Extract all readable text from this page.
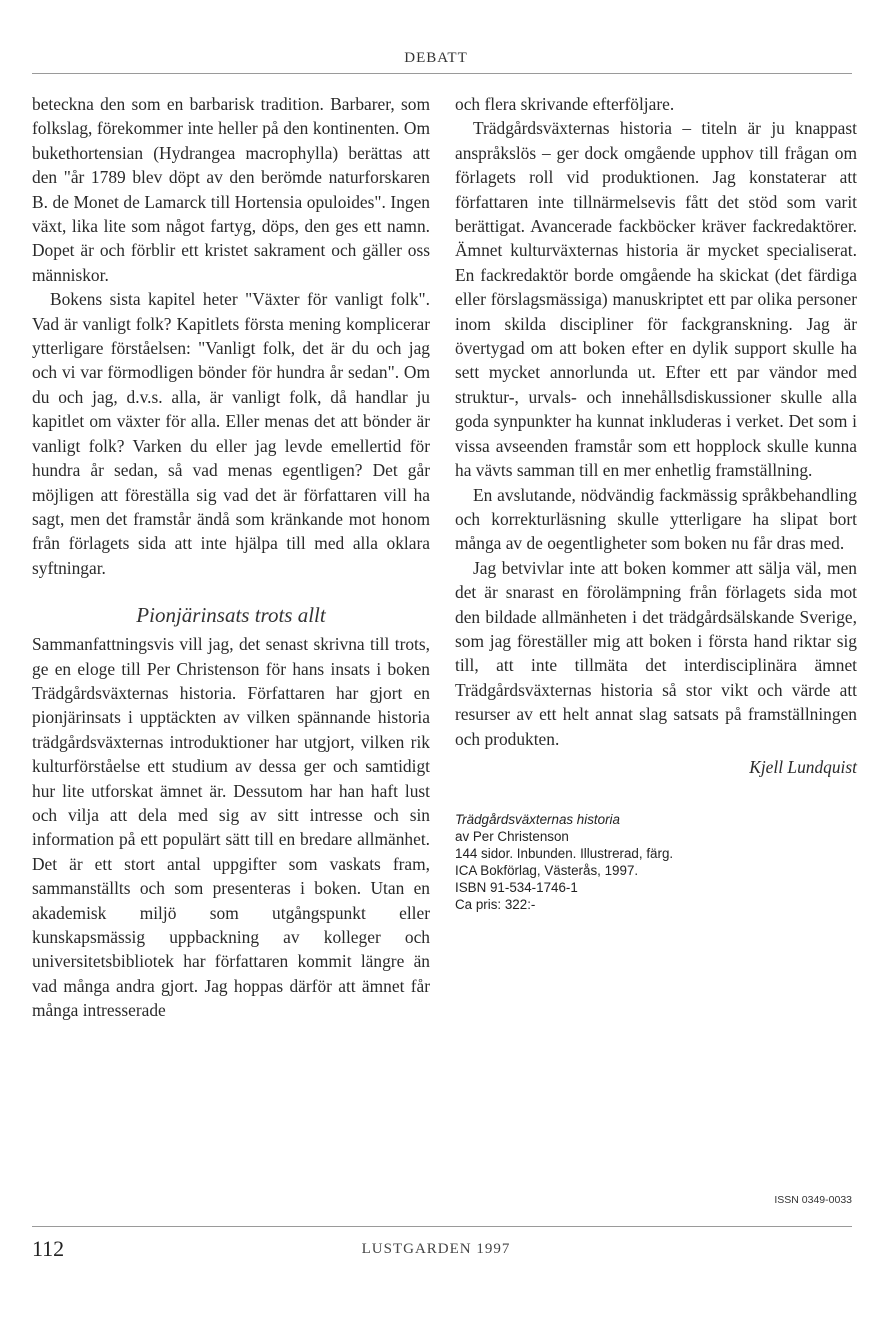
DEBATT

beteckna den som en barbarisk tradition. Barbarer, som folkslag, förekommer inte heller på den kontinenten. Om bukethortensian (Hydrangea macrophylla) berättas att den "år 1789 blev döpt av den berömde naturforskaren B. de Monet de Lamarck till Hortensia opuloides". Ingen växt, lika lite som något fartyg, döps, den ges ett namn. Dopet är och förblir ett kristet sakrament och gäller oss människor.

Bokens sista kapitel heter "Växter för vanligt folk". Vad är vanligt folk? Kapitlets första mening komplicerar ytterligare förståelsen: "Vanligt folk, det är du och jag och vi var förmodligen bönder för hundra år sedan". Om du och jag, d.v.s. alla, är vanligt folk, då handlar ju kapitlet om växter för alla. Eller menas det att bönder är vanligt folk? Varken du eller jag levde emellertid för hundra år sedan, så vad menas egentligen? Det går möjligen att föreställa sig vad det är författaren vill ha sagt, men det framstår ändå som kränkande mot honom från förlagets sida att inte hjälpa till med alla oklara syftningar.

Pionjärinsats trots allt

Sammanfattningsvis vill jag, det senast skrivna till trots, ge en eloge till Per Christenson för hans insats i boken Trädgårdsväxternas historia. Författaren har gjort en pionjärinsats i upptäckten av vilken spännande historia trädgårdsväxternas introduktioner har utgjort, vilken rik kulturförståelse ett studium av dessa ger och samtidigt hur lite utforskat ämnet är. Dessutom har han haft lust och vilja att dela med sig av sitt intresse och sin information på ett populärt sätt till en bredare allmänhet. Det är ett stort antal uppgifter som vaskats fram, sammanställts och som presenteras i boken. Utan en akademisk miljö som utgångspunkt eller kunskapsmässig uppbackning av kolleger och universitetsbibliotek har författaren kommit längre än vad många andra gjort. Jag hoppas därför att ämnet får många intresserade

och flera skrivande efterföljare.

Trädgårdsväxternas historia – titeln är ju knappast anspråkslös – ger dock omgående upphov till frågan om förlagets roll vid produktionen. Jag konstaterar att författaren inte tillnärmelsevis fått det stöd som varit berättigat. Avancerade fackböcker kräver fackredaktörer. Ämnet kulturväxternas historia är mycket specialiserat. En fackredaktör borde omgående ha skickat (det färdiga eller förslagsmässiga) manuskriptet ett par olika personer inom skilda discipliner för fackgranskning. Jag är övertygad om att boken efter en dylik support skulle ha sett mycket annorlunda ut. Efter ett par vändor med struktur-, urvals- och innehållsdiskussioner skulle alla goda synpunkter ha kunnat inkluderas i verket. Det som i vissa avseenden framstår som ett hopplock skulle kunna ha vävts samman till en mer enhetlig framställning.

En avslutande, nödvändig fackmässig språkbehandling och korrekturläsning skulle ytterligare ha slipat bort många av de oegentligheter som boken nu får dras med.

Jag betvivlar inte att boken kommer att sälja väl, men det är snarast en förolämpning från förlagets sida mot den bildade allmänheten i det trädgårdsälskande Sverige, som jag föreställer mig att boken i första hand riktar sig till, att inte tillmäta det interdisciplinära ämnet Trädgårdsväxternas historia så stor vikt och värde att resurser av ett helt annat slag satsats på framställningen och produkten.

Kjell Lundquist
Trädgårdsväxternas historia
av Per Christenson
144 sidor. Inbunden. Illustrerad, färg.
ICA Bokförlag, Västerås, 1997.
ISBN 91-534-1746-1
Ca pris: 322:-
ISSN 0349-0033
112	LUSTGARDEN 1997
